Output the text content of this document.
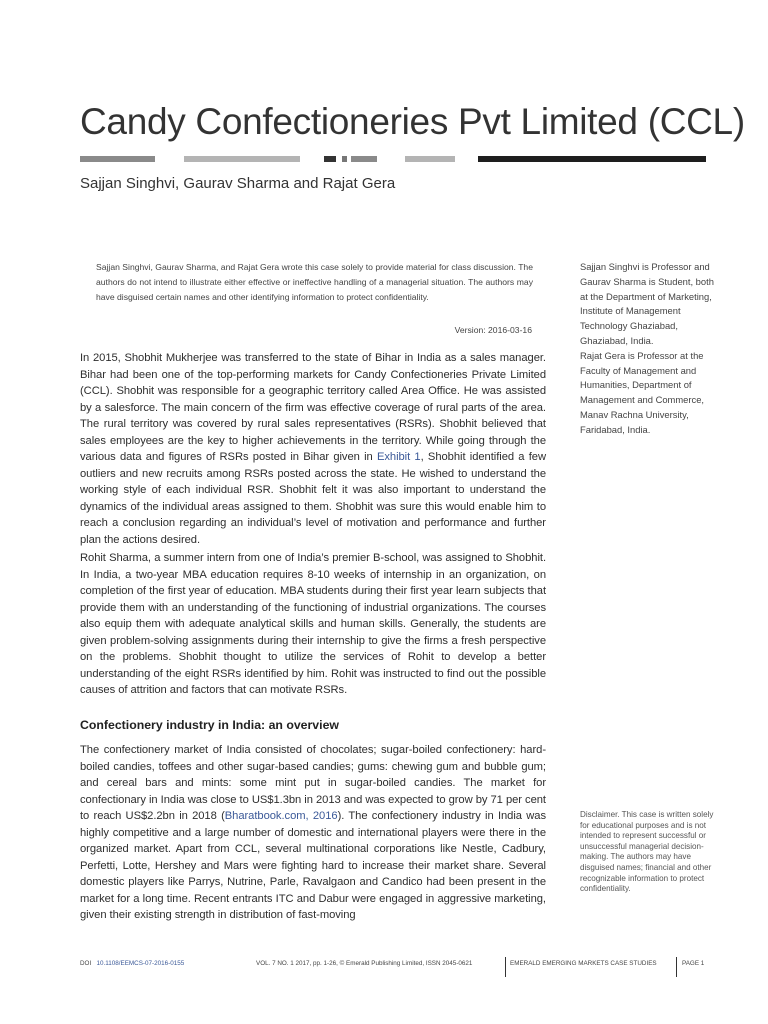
Candy Confectioneries Pvt Limited (CCL)

Sajjan Singhvi, Gaurav Sharma and Rajat Gera

Sajjan Singhvi, Gaurav Sharma, and Rajat Gera wrote this case solely to provide material for class discussion. The authors do not intend to illustrate either effective or ineffective handling of a managerial situation. The authors may have disguised certain names and other identifying information to protect confidentiality.

Version: 2016-03-16

In 2015, Shobhit Mukherjee was transferred to the state of Bihar in India as a sales manager. Bihar had been one of the top-performing markets for Candy Confectioneries Private Limited (CCL). Shobhit was responsible for a geographic territory called Area Office. He was assisted by a salesforce. The main concern of the firm was effective coverage of rural parts of the area. The rural territory was covered by rural sales representatives (RSRs). Shobhit believed that sales employees are the key to higher achievements in the territory. While going through the various data and figures of RSRs posted in Bihar given in Exhibit 1, Shobhit identified a few outliers and new recruits among RSRs posted across the state. He wished to understand the working style of each individual RSR. Shobhit felt it was also important to understand the dynamics of the individual areas assigned to them. Shobhit was sure this would enable him to reach a conclusion regarding an individual’s level of motivation and performance and further plan the actions desired.

Rohit Sharma, a summer intern from one of India’s premier B-school, was assigned to Shobhit. In India, a two-year MBA education requires 8-10 weeks of internship in an organization, on completion of the first year of education. MBA students during their first year learn subjects that provide them with an understanding of the functioning of industrial organizations. The courses also equip them with adequate analytical skills and human skills. Generally, the students are given problem-solving assignments during their internship to give the firms a fresh perspective on the problems. Shobhit thought to utilize the services of Rohit to develop a better understanding of the eight RSRs identified by him. Rohit was instructed to find out the possible causes of attrition and factors that can motivate RSRs.

Confectionery industry in India: an overview

The confectionery market of India consisted of chocolates; sugar-boiled confectionery: hard-boiled candies, toffees and other sugar-based candies; gums: chewing gum and bubble gum; and cereal bars and mints: some mint put in sugar-boiled candies. The market for confectionary in India was close to US$1.3bn in 2013 and was expected to grow by 71 per cent to reach US$2.2bn in 2018 (Bharatbook.com, 2016). The confectionery industry in India was highly competitive and a large number of domestic and international players were there in the organized market. Apart from CCL, several multinational corporations like Nestle, Cadbury, Perfetti, Lotte, Hershey and Mars were fighting hard to increase their market share. Several domestic players like Parrys, Nutrine, Parle, Ravalgaon and Candico had been present in the market for a long time. Recent entrants ITC and Dabur were engaged in aggressive marketing, given their existing strength in distribution of fast-moving

Sajjan Singhvi is Professor and Gaurav Sharma is Student, both at the Department of Marketing, Institute of Management Technology Ghaziabad, Ghaziabad, India.

Rajat Gera is Professor at the Faculty of Management and Humanities, Department of Management and Commerce, Manav Rachna University, Faridabad, India.

Disclaimer. This case is written solely for educational purposes and is not intended to represent successful or unsuccessful managerial decision-making. The authors may have disguised names; financial and other recognizable information to protect confidentiality.

DOI 10.1108/EEMCS-07-2016-0155	VOL. 7 NO. 1 2017, pp. 1-26, © Emerald Publishing Limited, ISSN 2045-0621	EMERALD EMERGING MARKETS CASE STUDIES	PAGE 1
